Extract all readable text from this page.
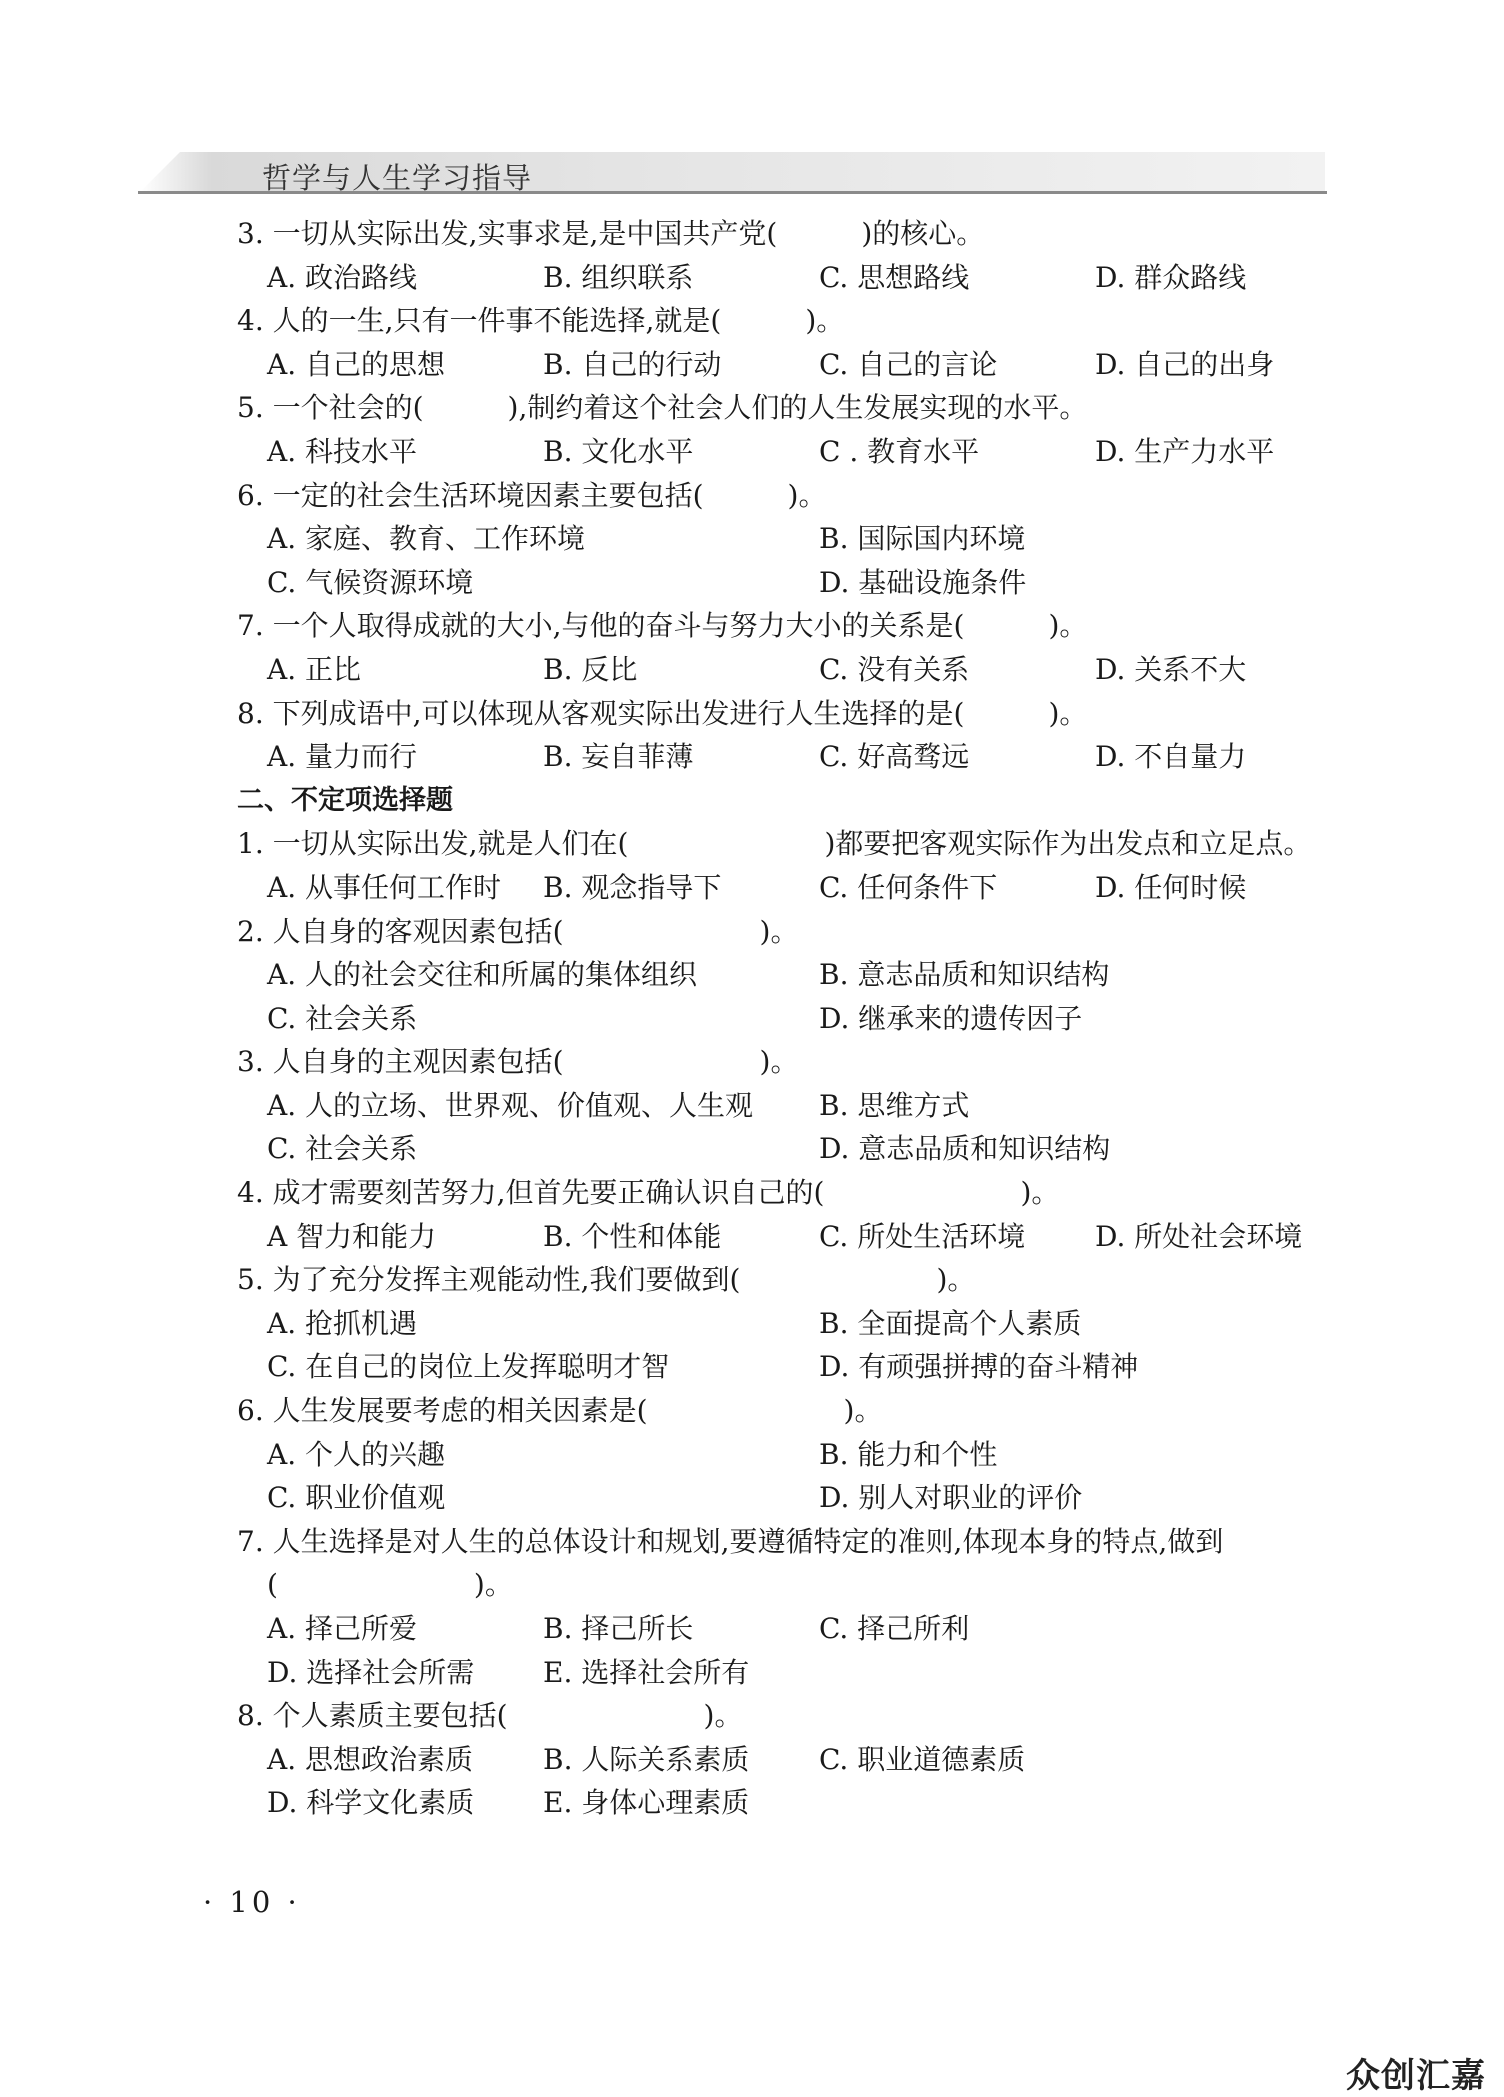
哲学与人生学习指导
3. 一切从实际出发,实事求是,是中国共产党(　　　)的核心。
A. 政治路线	B. 组织联系	C. 思想路线	D. 群众路线
4. 人的一生,只有一件事不能选择,就是(　　　)。
A. 自己的思想	B. 自己的行动	C. 自己的言论	D. 自己的出身
5. 一个社会的(　　　),制约着这个社会人们的人生发展实现的水平。
A. 科技水平	B. 文化水平	C . 教育水平	D. 生产力水平
6. 一定的社会生活环境因素主要包括(　　　)。
A. 家庭、教育、工作环境	B. 国际国内环境
C. 气候资源环境	D. 基础设施条件
7. 一个人取得成就的大小,与他的奋斗与努力大小的关系是(　　　)。
A. 正比	B. 反比	C. 没有关系	D. 关系不大
8. 下列成语中,可以体现从客观实际出发进行人生选择的是(　　　)。
A. 量力而行	B. 妄自菲薄	C. 好高骛远	D. 不自量力
二、不定项选择题
1. 一切从实际出发,就是人们在(　　　　　　　)都要把客观实际作为出发点和立足点。
A. 从事任何工作时 B. 观念指导下	C. 任何条件下	D. 任何时候
2. 人自身的客观因素包括(　　　　　　　)。
A. 人的社会交往和所属的集体组织	B. 意志品质和知识结构
C. 社会关系	D. 继承来的遗传因子
3. 人自身的主观因素包括(　　　　　　　)。
A. 人的立场、世界观、价值观、人生观 B. 思维方式
C. 社会关系	D. 意志品质和知识结构
4. 成才需要刻苦努力,但首先要正确认识自己的(　　　　　　　)。
A 智力和能力	B. 个性和体能	C. 所处生活环境 D. 所处社会环境
5. 为了充分发挥主观能动性,我们要做到(　　　　　　　)。
A. 抢抓机遇	B. 全面提高个人素质
C. 在自己的岗位上发挥聪明才智	D. 有顽强拼搏的奋斗精神
6. 人生发展要考虑的相关因素是(　　　　　　　)。
A. 个人的兴趣	B. 能力和个性
C. 职业价值观	D. 别人对职业的评价
7. 人生选择是对人生的总体设计和规划,要遵循特定的准则,体现本身的特点,做到
(　　　　　　　)。
A. 择己所爱	B. 择己所长	C. 择己所利
D. 选择社会所需 E. 选择社会所有
8. 个人素质主要包括(　　　　　　　)。
A. 思想政治素质 B. 人际关系素质 C. 职业道德素质
D. 科学文化素质 E. 身体心理素质
· 10 ·
众创汇嘉
